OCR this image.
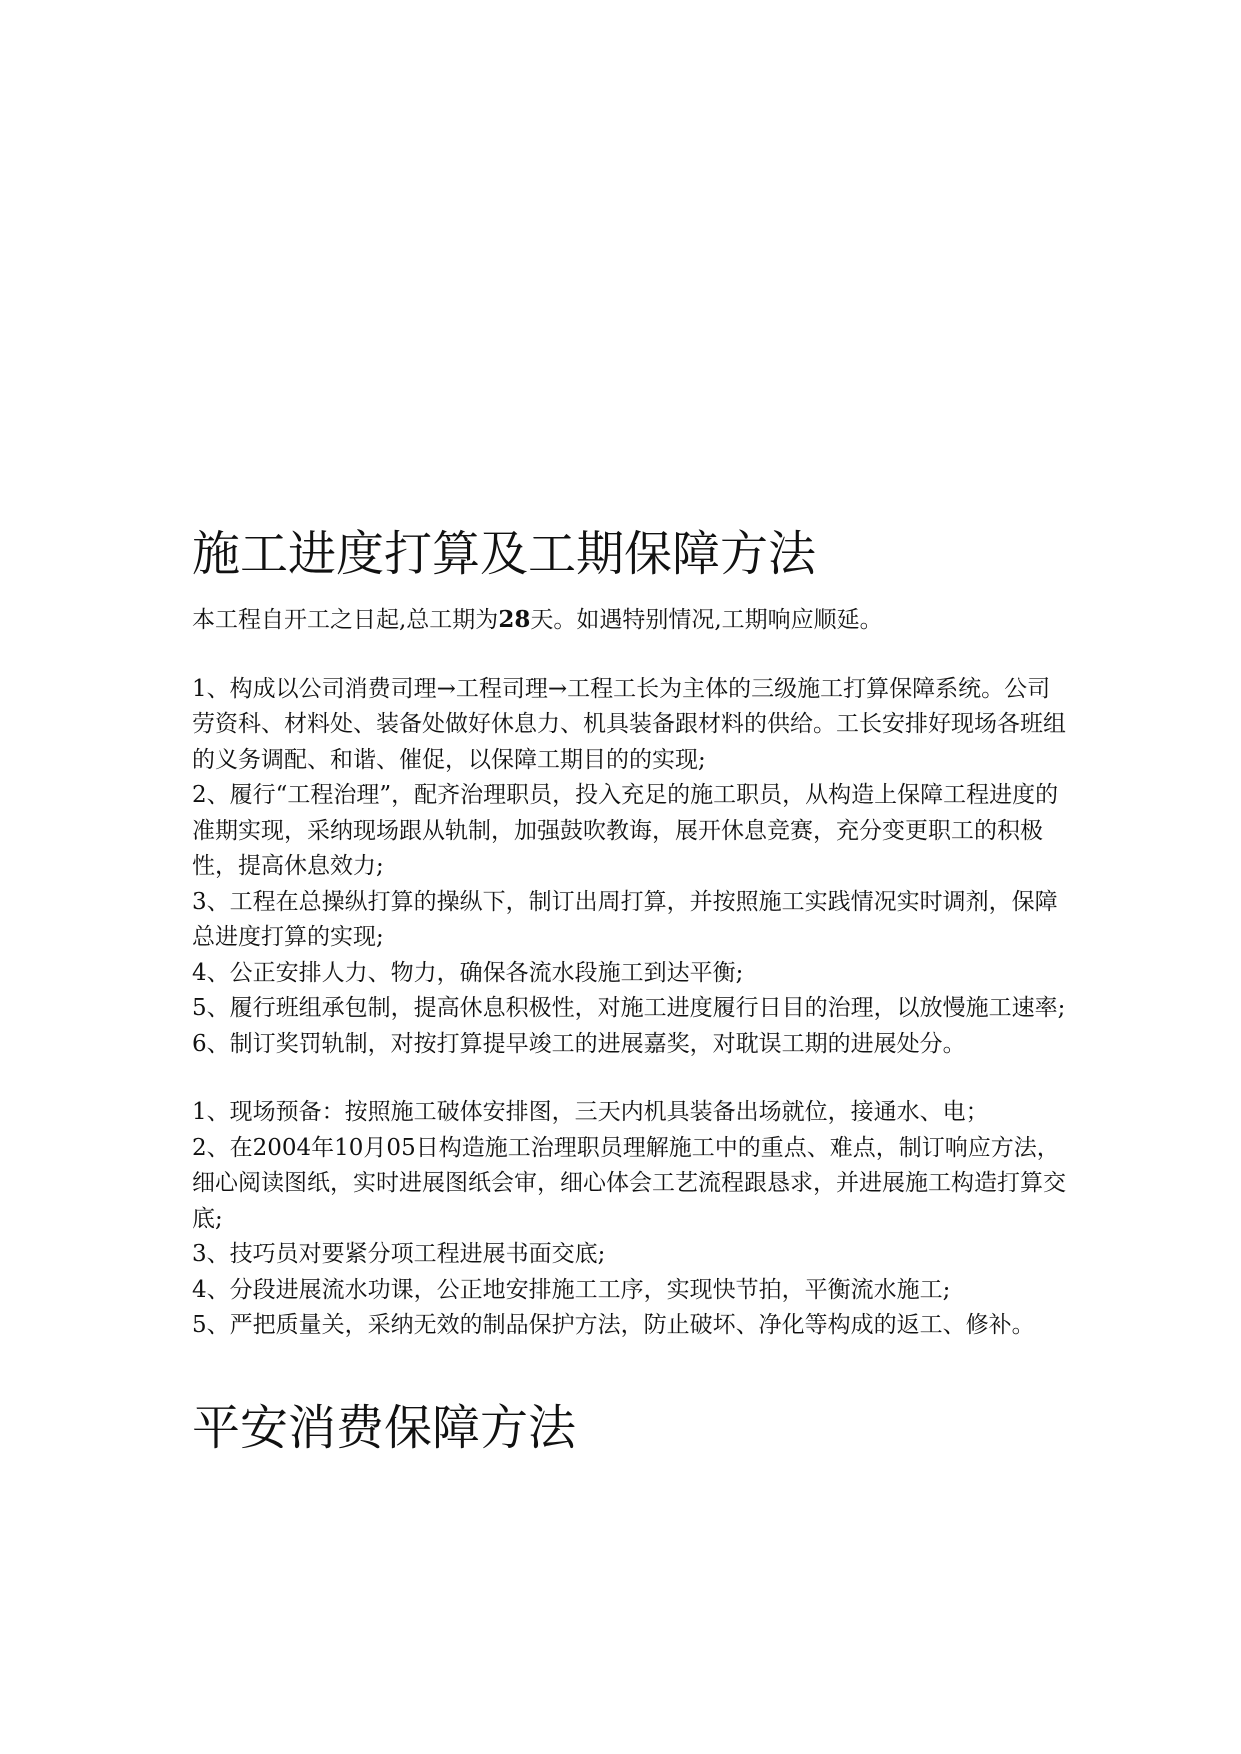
施工进度打算及工期保障方法

本工程自开工之日起,总工期为28天。如遇特别情况,工期响应顺延。

1、构成以公司消费司理→工程司理→工程工长为主体的三级施工打算保障系统。公司劳资科、材料处、装备处做好休息力、机具装备跟材料的供给。工长安排好现场各班组的义务调配、和谐、催促，以保障工期目的的实现;

2、履行“工程治理”，配齐治理职员，投入充足的施工职员，从构造上保障工程进度的准期实现，采纳现场跟从轨制，加强鼓吹教诲，展开休息竞赛，充分变更职工的积极性，提高休息效力;

3、工程在总操纵打算的操纵下，制订出周打算，并按照施工实践情况实时调剂，保障总进度打算的实现;

4、公正安排人力、物力，确保各流水段施工到达平衡;

5、履行班组承包制，提高休息积极性，对施工进度履行日目的治理，以放慢施工速率;

6、制订奖罚轨制，对按打算提早竣工的进展嘉奖，对耽误工期的进展处分。

1、现场预备：按照施工破体安排图，三天内机具装备出场就位，接通水、电；

2、在2004年10月05日构造施工治理职员理解施工中的重点、难点，制订响应方法，细心阅读图纸，实时进展图纸会审，细心体会工艺流程跟恳求，并进展施工构造打算交底;

3、技巧员对要紧分项工程进展书面交底;

4、分段进展流水功课，公正地安排施工工序，实现快节拍，平衡流水施工;

5、严把质量关，采纳无效的制品保护方法，防止破坏、净化等构成的返工、修补。

平安消费保障方法
